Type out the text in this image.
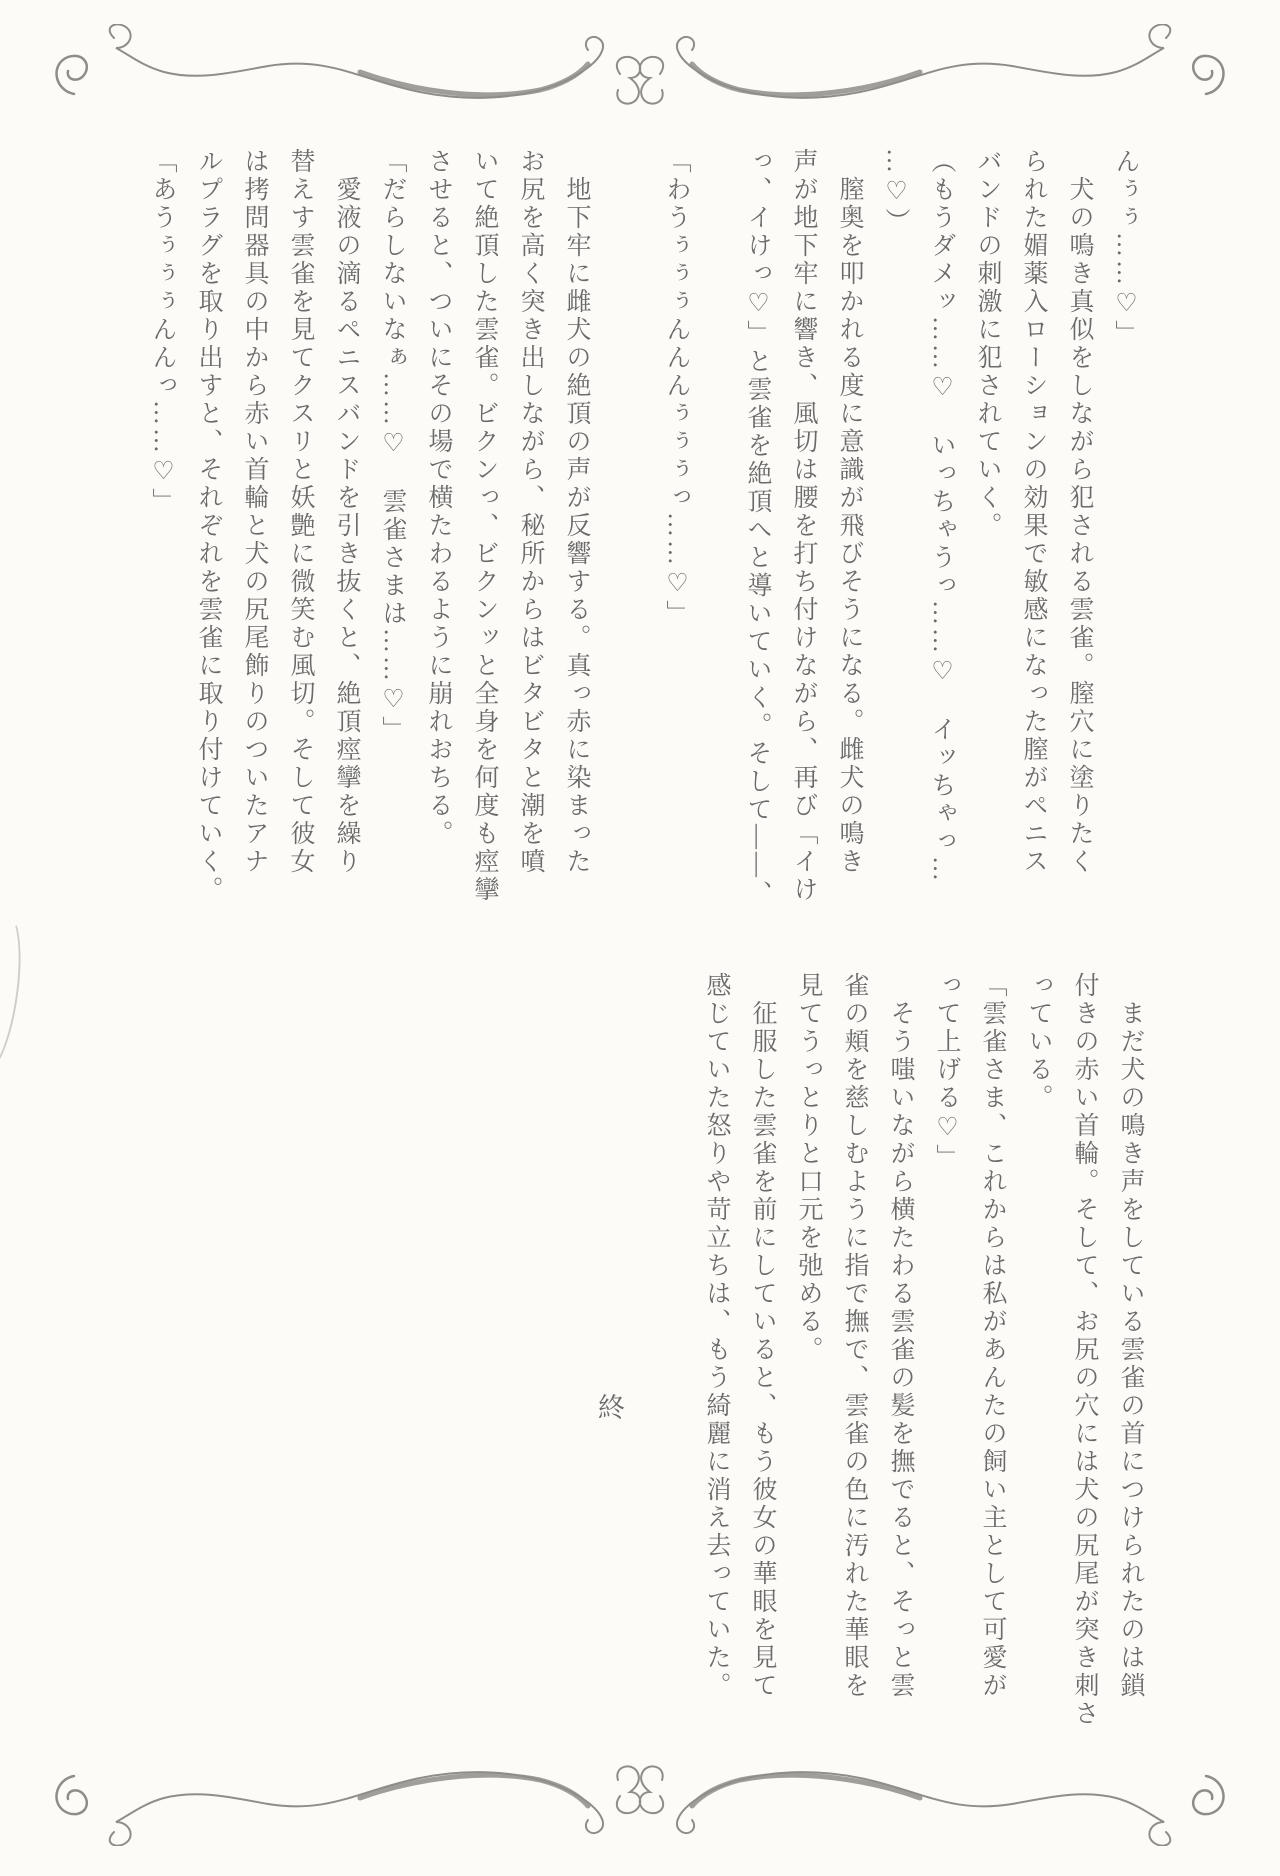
んぅぅ……♡」
　犬の鳴き真似をしながら犯される雲雀。膣穴に塗りたく
られた媚薬入ローションの効果で敏感になった膣がペニス
バンドの刺激に犯されていく。
（もうダメッ……♡　いっちゃうっ……♡　イッちゃっ…
…♡）
　膣奥を叩かれる度に意識が飛びそうになる。雌犬の鳴き
声が地下牢に響き、風切は腰を打ち付けながら、再び「イけ
っ、イけっ♡」と雲雀を絶頂へと導いていく。そして――、
「わうぅぅぅんんんぅぅぅっ……♡」
　地下牢に雌犬の絶頂の声が反響する。真っ赤に染まった
お尻を高く突き出しながら、秘所からはビタビタと潮を噴
いて絶頂した雲雀。ビクンっ、ビクンッと全身を何度も痙攣
させると、ついにその場で横たわるように崩れおちる。
「だらしないなぁ……♡　雲雀さまは……♡」
　愛液の滴るペニスバンドを引き抜くと、絶頂痙攣を繰り
替えす雲雀を見てクスリと妖艶に微笑む風切。そして彼女
は拷問器具の中から赤い首輪と犬の尻尾飾りのついたアナ
ルプラグを取り出すと、それぞれを雲雀に取り付けていく。
「あうぅぅぅんんっ……♡」
　まだ犬の鳴き声をしている雲雀の首につけられたのは鎖
付きの赤い首輪。そして、お尻の穴には犬の尻尾が突き刺さ
っている。
「雲雀さま、これからは私があんたの飼い主として可愛が
って上げる♡」
　そう嗤いながら横たわる雲雀の髪を撫でると、そっと雲
雀の頬を慈しむように指で撫で、雲雀の色に汚れた華眼を
見てうっとりと口元を弛める。
　征服した雲雀を前にしていると、もう彼女の華眼を見て
感じていた怒りや苛立ちは、もう綺麗に消え去っていた。
終
